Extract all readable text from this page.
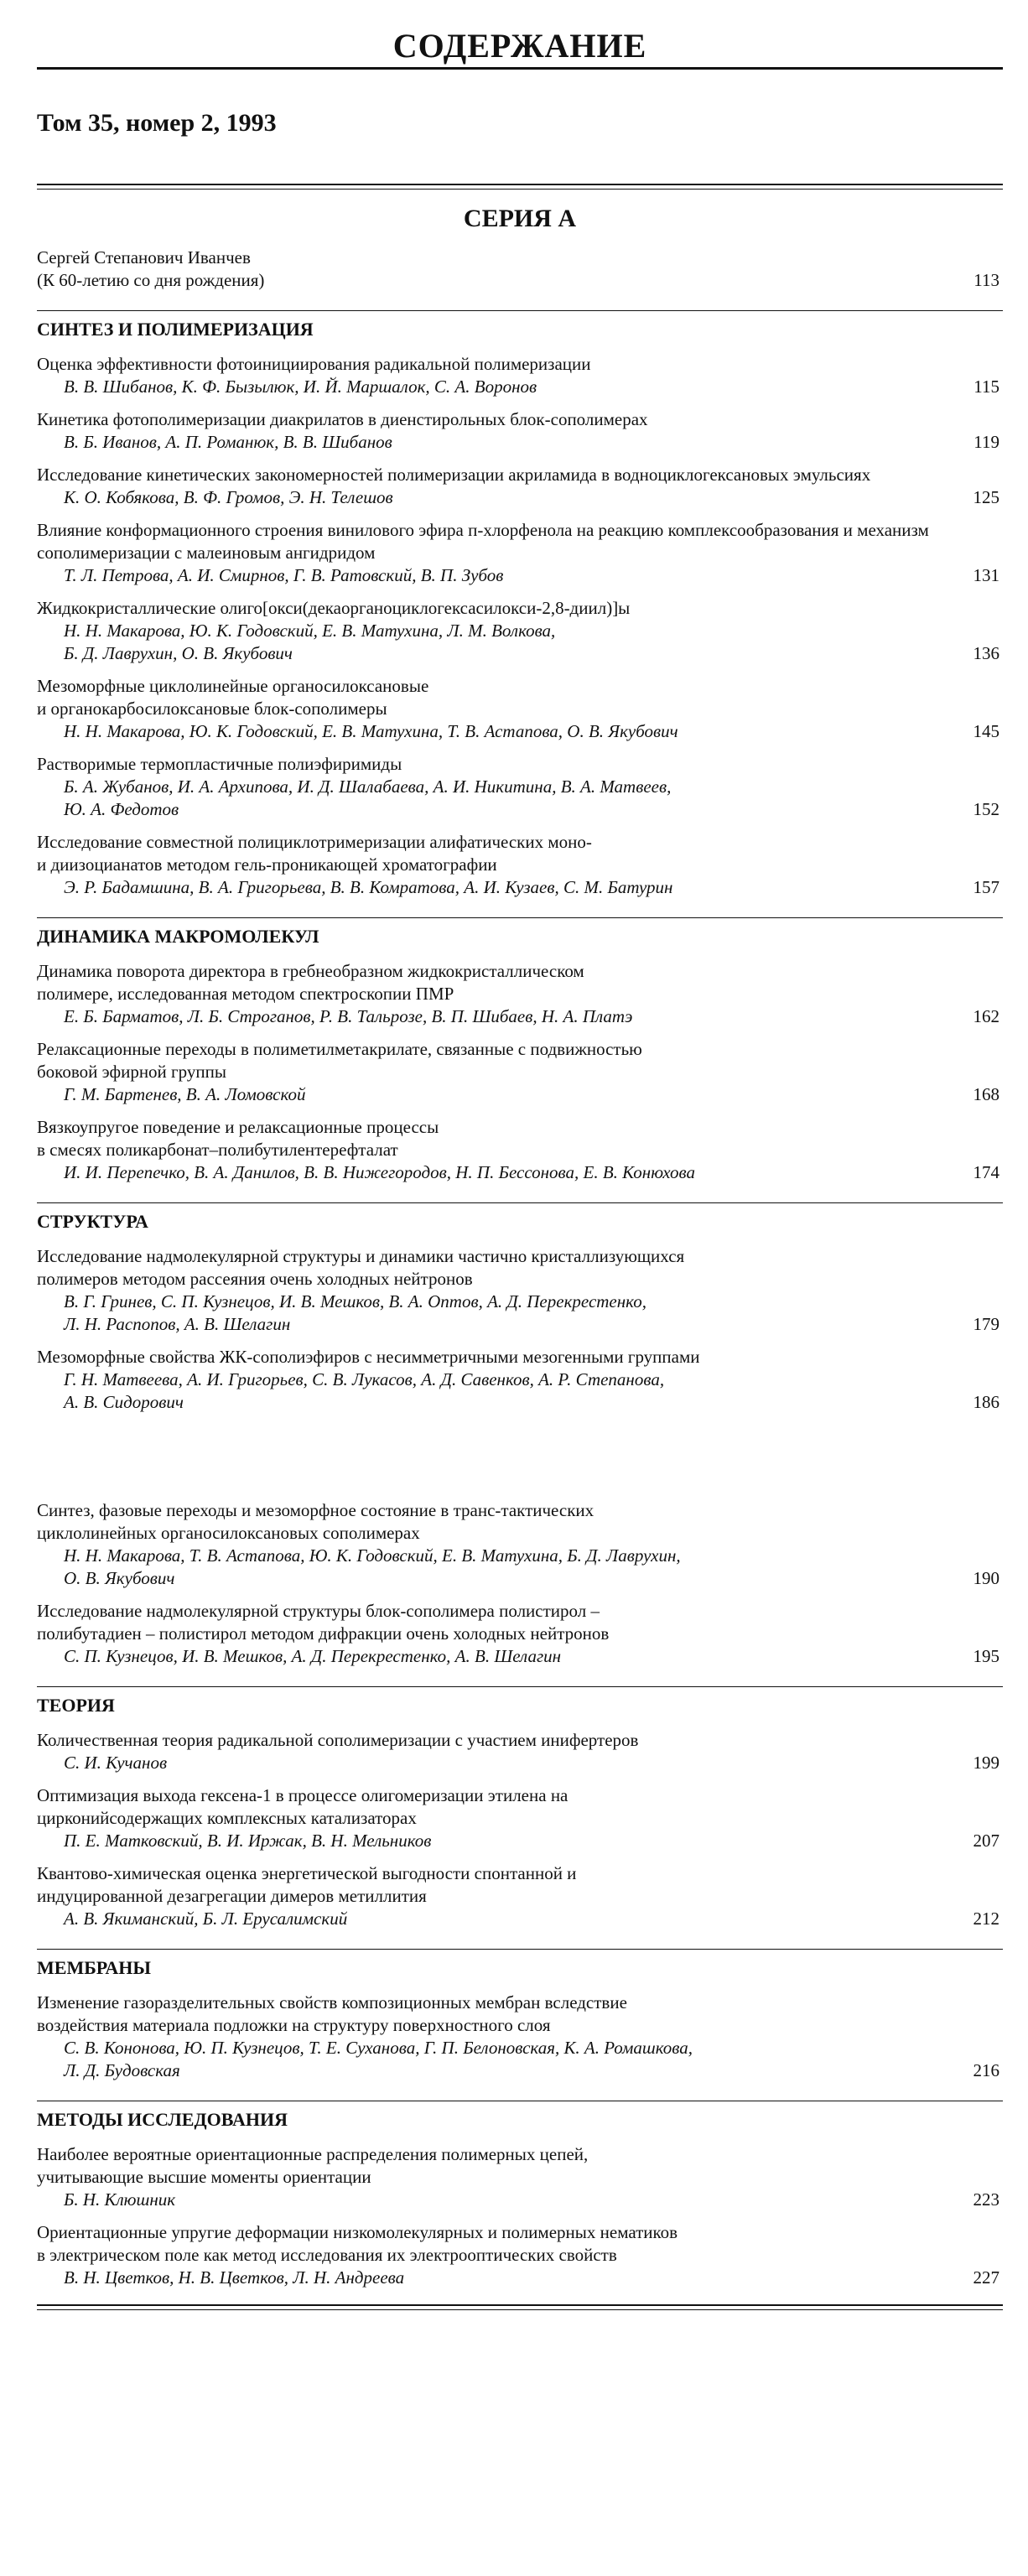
СОДЕРЖАНИЕ
Том 35, номер 2, 1993
СЕРИЯ А
Сергей Степанович Иванчев
(К 60-летию со дня рождения)	113
СИНТЕЗ И ПОЛИМЕРИЗАЦИЯ
Оценка эффективности фотоинициирования радикальной полимеризации
В. В. Шибанов, К. Ф. Бызылюк, И. Й. Маршалок, С. А. Воронов	115
Кинетика фотополимеризации диакрилатов в диенстирольных блок-сополимерах
В. Б. Иванов, А. П. Романюк, В. В. Шибанов	119
Исследование кинетических закономерностей полимеризации акриламида в водноциклогексановых эмульсиях
К. О. Кобякова, В. Ф. Громов, Э. Н. Телешов	125
Влияние конформационного строения винилового эфира п-хлорфенола на реакцию комплексообразования и механизм сополимеризации с малеиновым ангидридом
Т. Л. Петрова, А. И. Смирнов, Г. В. Ратовский, В. П. Зубов	131
Жидкокристаллические олиго[окси(декаорганоциклогексасилокси-2,8-диил)]ы
Н. Н. Макарова, Ю. К. Годовский, Е. В. Матухина, Л. М. Волкова,
Б. Д. Лаврухин, О. В. Якубович	136
Мезоморфные циклолинейные органосилоксановые
и органокарбосилоксановые блок-сополимеры
Н. Н. Макарова, Ю. К. Годовский, Е. В. Матухина, Т. В. Астапова, О. В. Якубович	145
Растворимые термопластичные полиэфиримиды
Б. А. Жубанов, И. А. Архипова, И. Д. Шалабаева, А. И. Никитина, В. А. Матвеев,
Ю. А. Федотов	152
Исследование совместной полициклотримеризации алифатических моно-
и диизоцианатов методом гель-проникающей хроматографии
Э. Р. Бадамшина, В. А. Григорьева, В. В. Комратова, А. И. Кузаев, С. М. Батурин	157
ДИНАМИКА МАКРОМОЛЕКУЛ
Динамика поворота директора в гребнеобразном жидкокристаллическом
полимере, исследованная методом спектроскопии ПМР
Е. Б. Барматов, Л. Б. Строганов, Р. В. Тальрозе, В. П. Шибаев, Н. А. Платэ	162
Релаксационные переходы в полиметилметакрилате, связанные с подвижностью
боковой эфирной группы
Г. М. Бартенев, В. А. Ломовской	168
Вязкоупругое поведение и релаксационные процессы
в смесях поликарбонат–полибутилентерефталат
И. И. Перепечко, В. А. Данилов, В. В. Нижегородов, Н. П. Бессонова, Е. В. Конюхова	174
СТРУКТУРА
Исследование надмолекулярной структуры и динамики частично кристаллизующихся
полимеров методом рассеяния очень холодных нейтронов
В. Г. Гринев, С. П. Кузнецов, И. В. Мешков, В. А. Оптов, А. Д. Перекрестенко,
Л. Н. Распопов, А. В. Шелагин	179
Мезоморфные свойства ЖК-сополиэфиров с несимметричными мезогенными группами
Г. Н. Матвеева, А. И. Григорьев, С. В. Лукасов, А. Д. Савенков, А. Р. Степанова,
А. В. Сидорович	186
Синтез, фазовые переходы и мезоморфное состояние в транс-тактических
циклолинейных органосилоксановых сополимерах
Н. Н. Макарова, Т. В. Астапова, Ю. К. Годовский, Е. В. Матухина, Б. Д. Лаврухин,
О. В. Якубович	190
Исследование надмолекулярной структуры блок-сополимера полистирол –
полибутадиен – полистирол методом дифракции очень холодных нейтронов
С. П. Кузнецов, И. В. Мешков, А. Д. Перекрестенко, А. В. Шелагин	195
ТЕОРИЯ
Количественная теория радикальной сополимеризации с участием инифертеров
С. И. Кучанов	199
Оптимизация выхода гексена-1 в процессе олигомеризации этилена на
цирконийсодержащих комплексных катализаторах
П. Е. Матковский, В. И. Иржак, В. Н. Мельников	207
Квантово-химическая оценка энергетической выгодности спонтанной и
индуцированной дезагрегации димеров метиллития
А. В. Якиманский, Б. Л. Ерусалимский	212
МЕМБРАНЫ
Изменение газоразделительных свойств композиционных мембран вследствие
воздействия материала подложки на структуру поверхностного слоя
С. В. Кононова, Ю. П. Кузнецов, Т. Е. Суханова, Г. П. Белоновская, К. А. Ромашкова,
Л. Д. Будовская	216
МЕТОДЫ ИССЛЕДОВАНИЯ
Наиболее вероятные ориентационные распределения полимерных цепей,
учитывающие высшие моменты ориентации
Б. Н. Клюшник	223
Ориентационные упругие деформации низкомолекулярных и полимерных нематиков
в электрическом поле как метод исследования их электрооптических свойств
В. Н. Цветков, Н. В. Цветков, Л. Н. Андреева	227
